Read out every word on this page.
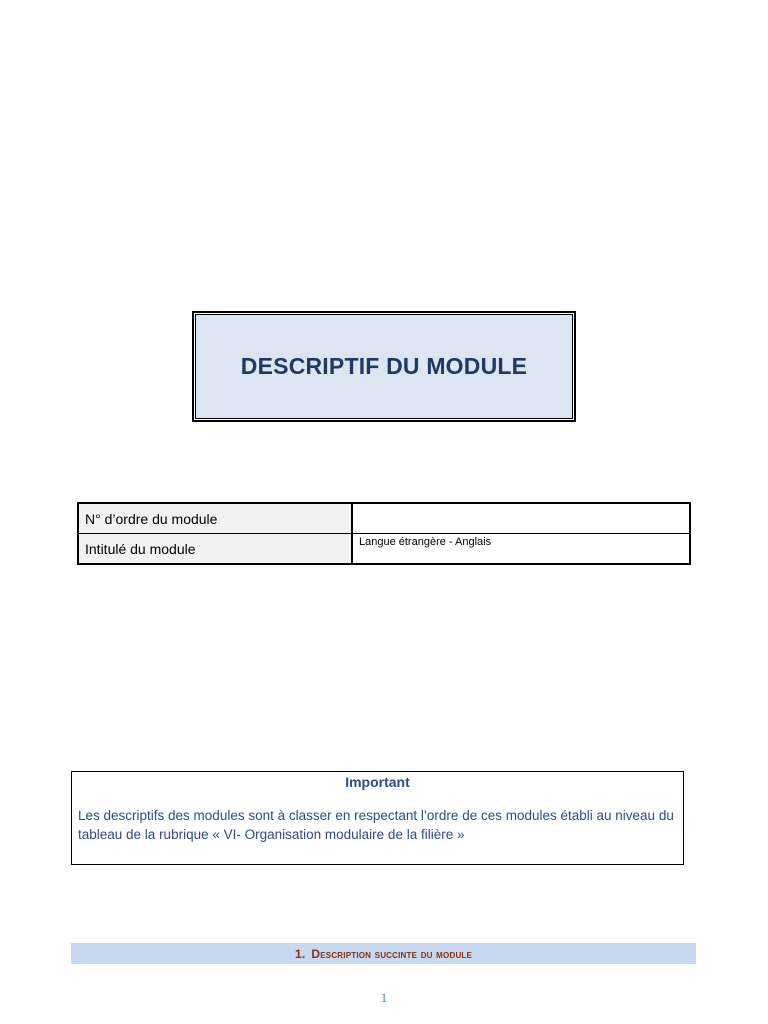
DESCRIPTIF DU MODULE
N° d’ordre du module	
Intitulé du module	Langue étrangère - Anglais
Important
Les descriptifs des modules sont à classer en respectant l’ordre de ces modules établi au niveau du tableau de la rubrique « VI- Organisation modulaire de la filière »
1. Description succinte du module
1
